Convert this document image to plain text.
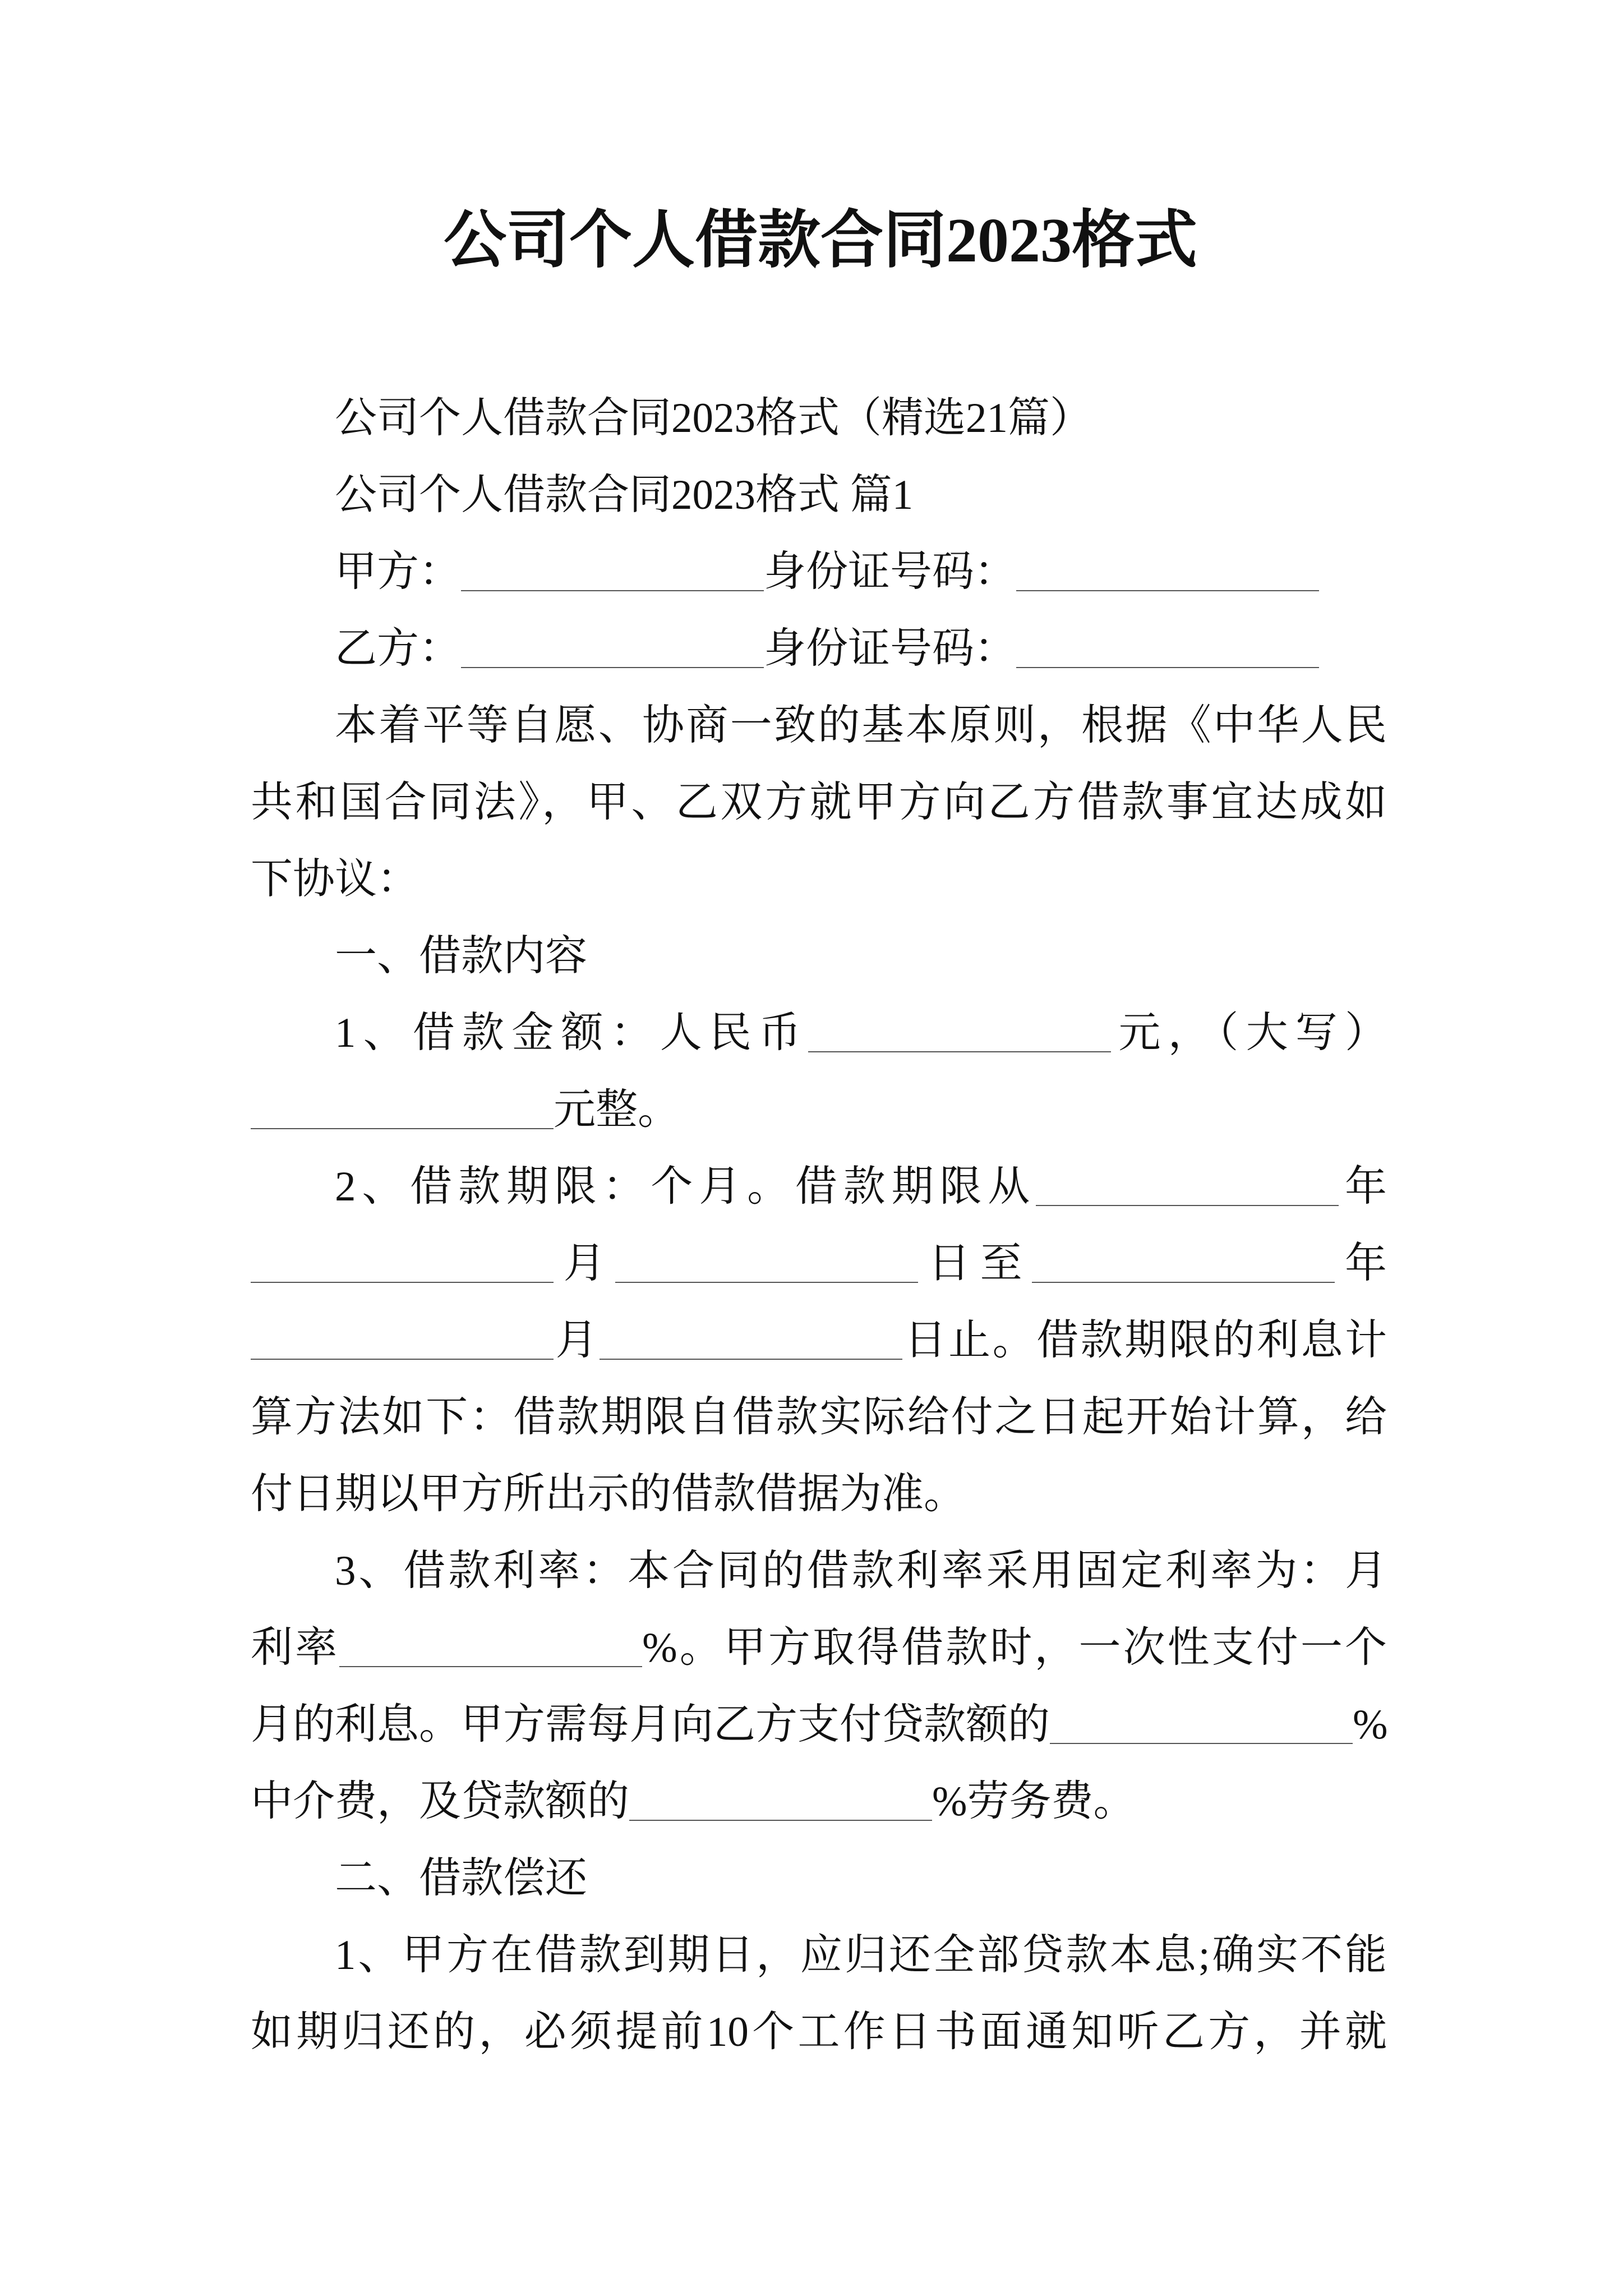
公司个人借款合同2023格式
公司个人借款合同2023格式（精选21篇）
公司个人借款合同2023格式 篇1
甲方：	身份证号码：
乙方：	身份证号码：
本着平等自愿、协商一致的基本原则，根据《中华人民
共和国合同法》，甲、乙双方就甲方向乙方借款事宜达成如
下协议：
一、借款内容
1、借款金额：人民币	元，（大写）
元整。
2、借款期限：个月。借款期限从	年
月	日至	年
月	日止。借款期限的利息计
算方法如下：借款期限自借款实际给付之日起开始计算，给
付日期以甲方所出示的借款借据为准。
3、借款利率：本合同的借款利率采用固定利率为：月
利率	%。甲方取得借款时，一次性支付一个
月的利息。甲方需每月向乙方支付贷款额的	%
中介费，及贷款额的	%劳务费。
二、借款偿还
1、甲方在借款到期日，应归还全部贷款本息;确实不能
如期归还的，必须提前10个工作日书面通知听乙方，并就
